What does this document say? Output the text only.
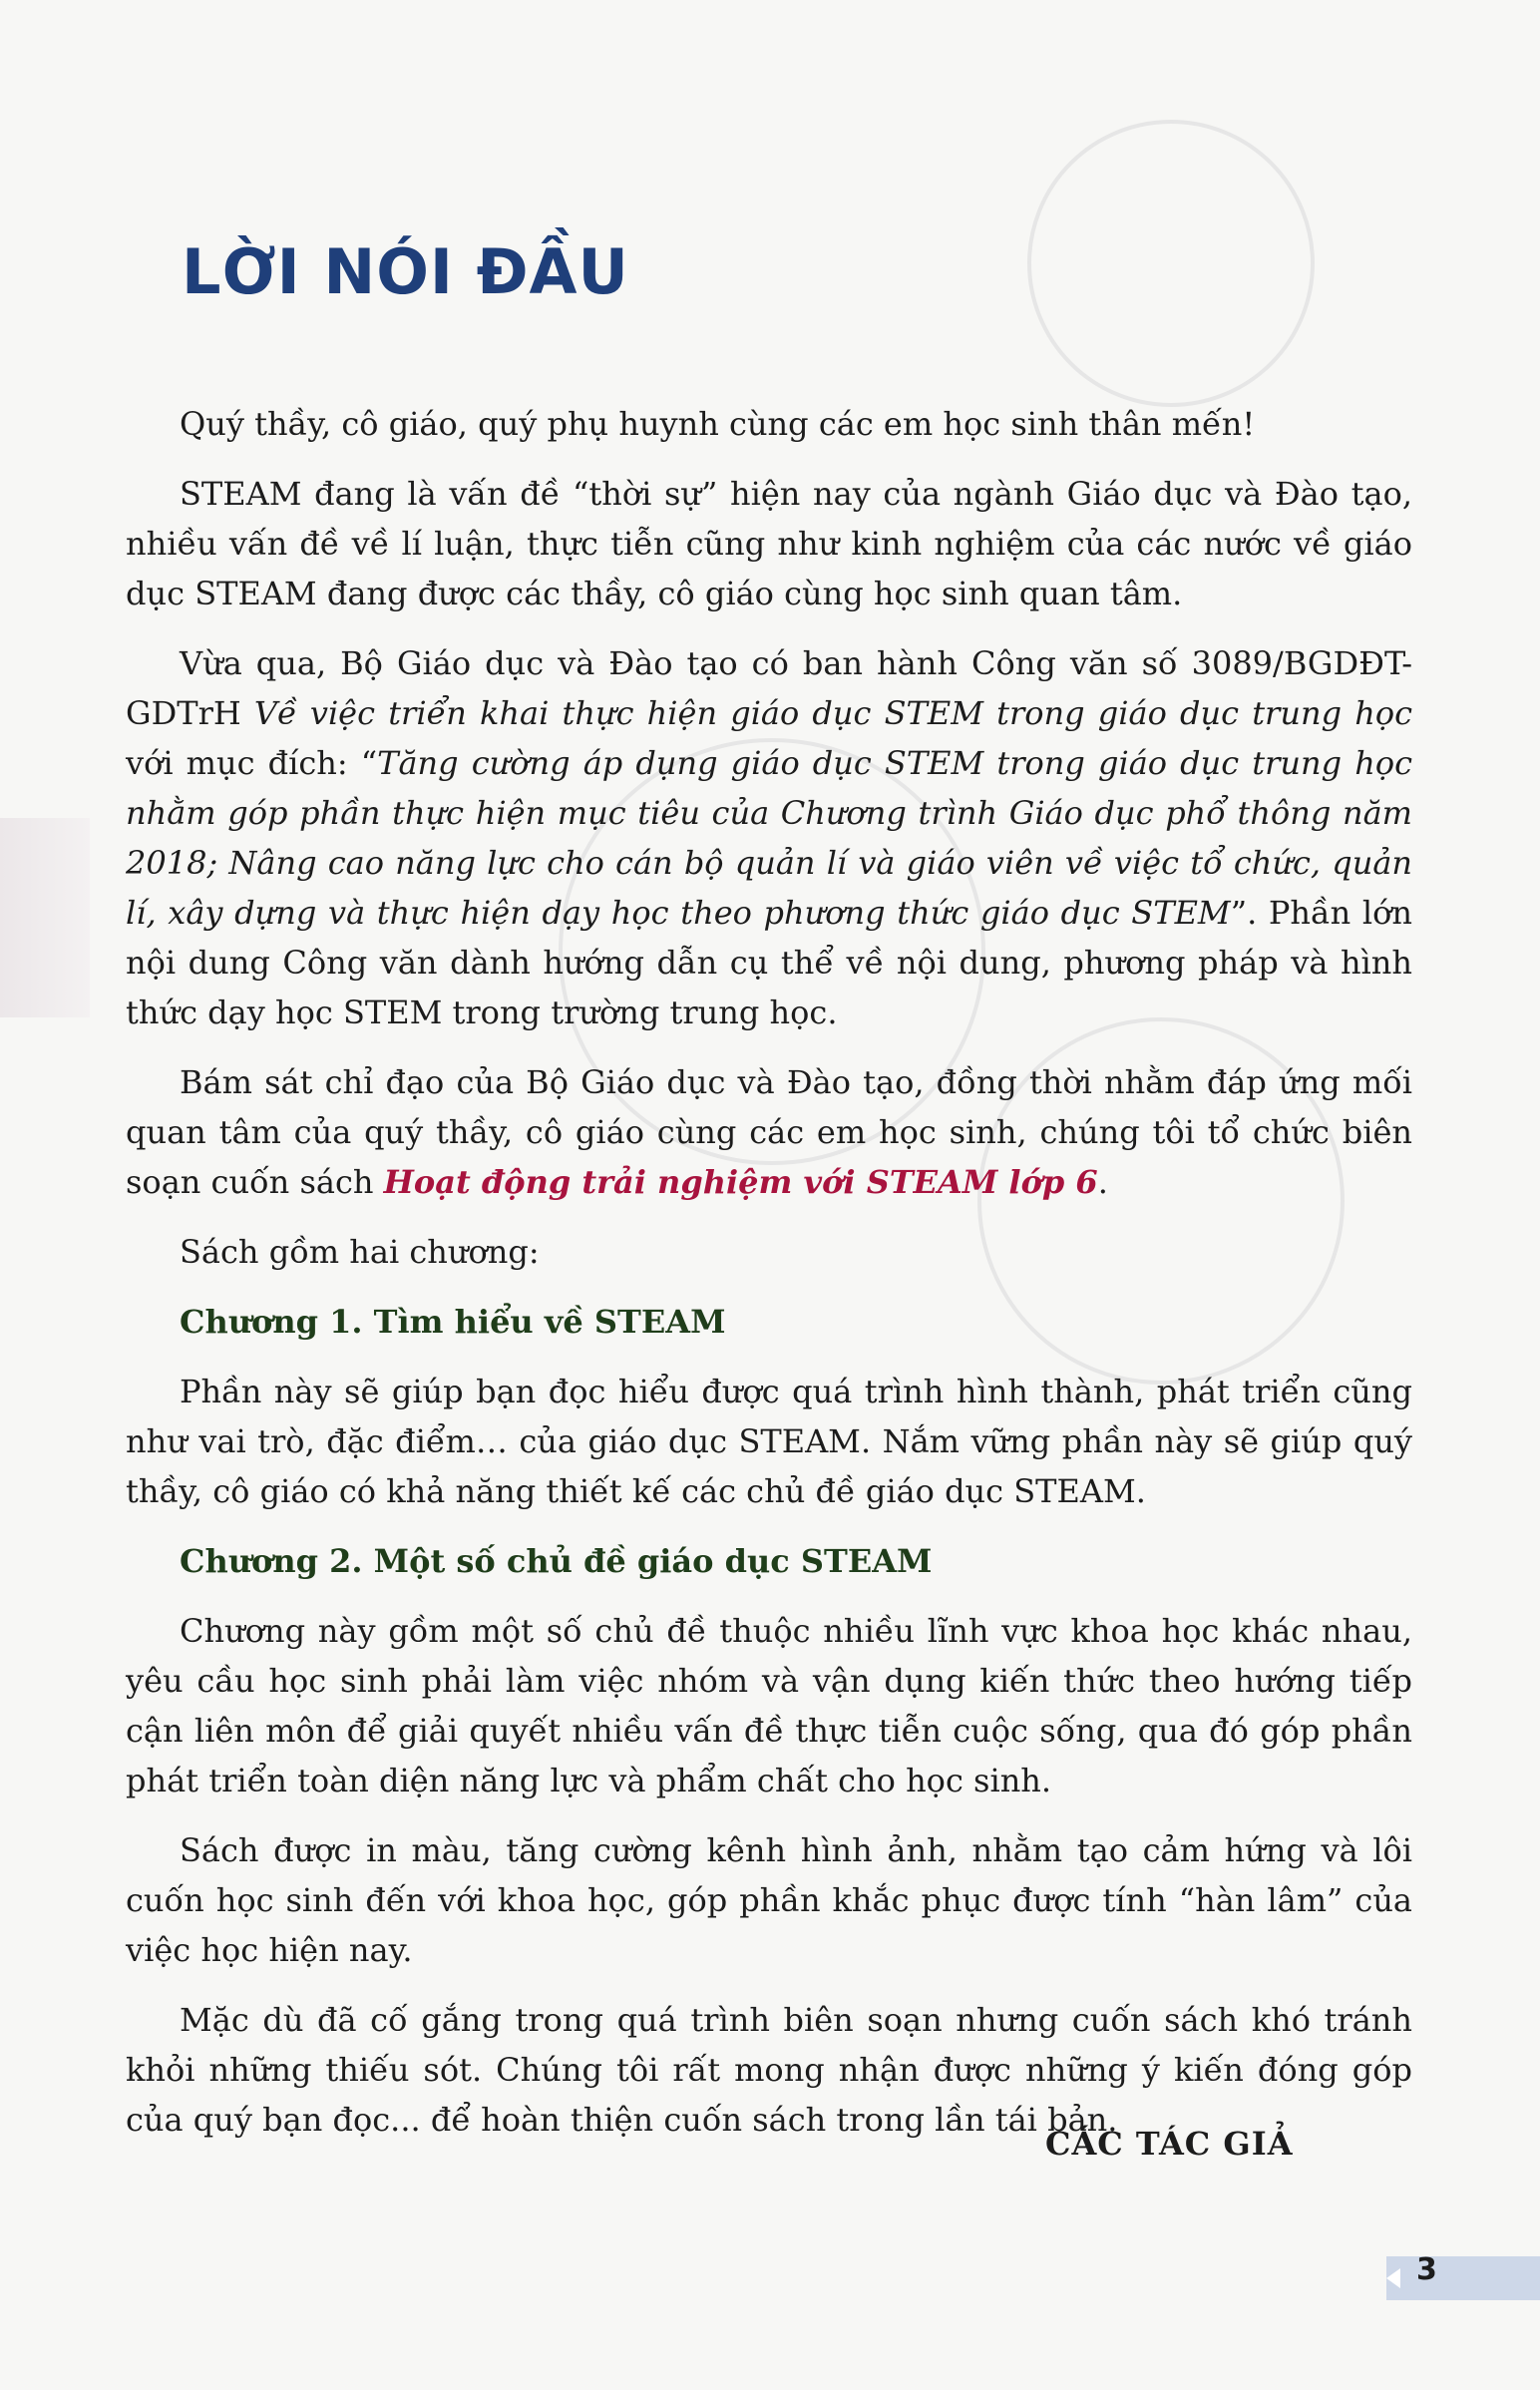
LỜI NÓI ĐẦU

Quý thầy, cô giáo, quý phụ huynh cùng các em học sinh thân mến!

STEAM đang là vấn đề “thời sự” hiện nay của ngành Giáo dục và Đào tạo, nhiều vấn đề về lí luận, thực tiễn cũng như kinh nghiệm của các nước về giáo dục STEAM đang được các thầy, cô giáo cùng học sinh quan tâm.

Vừa qua, Bộ Giáo dục và Đào tạo có ban hành Công văn số 3089/BGDĐT-GDTrH Về việc triển khai thực hiện giáo dục STEM trong giáo dục trung học với mục đích: “Tăng cường áp dụng giáo dục STEM trong giáo dục trung học nhằm góp phần thực hiện mục tiêu của Chương trình Giáo dục phổ thông năm 2018; Nâng cao năng lực cho cán bộ quản lí và giáo viên về việc tổ chức, quản lí, xây dựng và thực hiện dạy học theo phương thức giáo dục STEM”. Phần lớn nội dung Công văn dành hướng dẫn cụ thể về nội dung, phương pháp và hình thức dạy học STEM trong trường trung học.

Bám sát chỉ đạo của Bộ Giáo dục và Đào tạo, đồng thời nhằm đáp ứng mối quan tâm của quý thầy, cô giáo cùng các em học sinh, chúng tôi tổ chức biên soạn cuốn sách Hoạt động trải nghiệm với STEAM lớp 6.

Sách gồm hai chương:

Chương 1. Tìm hiểu về STEAM

Phần này sẽ giúp bạn đọc hiểu được quá trình hình thành, phát triển cũng như vai trò, đặc điểm… của giáo dục STEAM. Nắm vững phần này sẽ giúp quý thầy, cô giáo có khả năng thiết kế các chủ đề giáo dục STEAM.

Chương 2. Một số chủ đề giáo dục STEAM

Chương này gồm một số chủ đề thuộc nhiều lĩnh vực khoa học khác nhau, yêu cầu học sinh phải làm việc nhóm và vận dụng kiến thức theo hướng tiếp cận liên môn để giải quyết nhiều vấn đề thực tiễn cuộc sống, qua đó góp phần phát triển toàn diện năng lực và phẩm chất cho học sinh.

Sách được in màu, tăng cường kênh hình ảnh, nhằm tạo cảm hứng và lôi cuốn học sinh đến với khoa học, góp phần khắc phục được tính “hàn lâm” của việc học hiện nay.

Mặc dù đã cố gắng trong quá trình biên soạn nhưng cuốn sách khó tránh khỏi những thiếu sót. Chúng tôi rất mong nhận được những ý kiến đóng góp của quý bạn đọc... để hoàn thiện cuốn sách trong lần tái bản.

CÁC TÁC GIẢ
3
